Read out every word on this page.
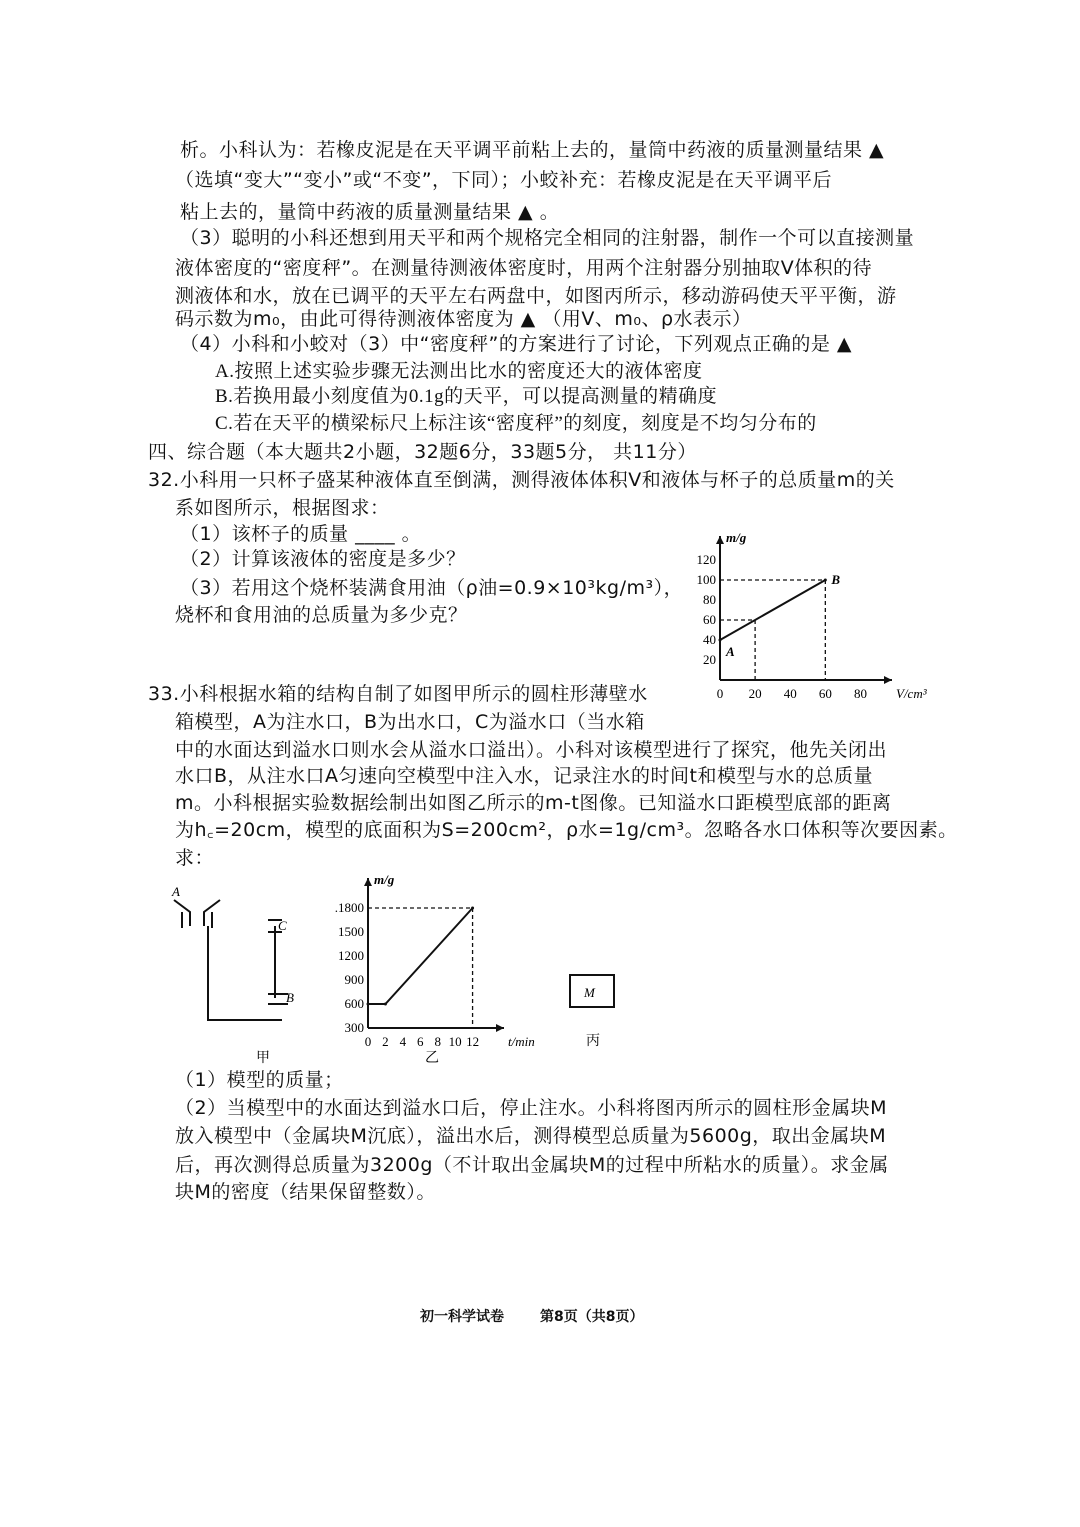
析。小科认为：若橡皮泥是在天平调平前粘上去的，量筒中药液的质量测量结果 ▲
（选填“变大”“变小”或“不变”，下同）；小蛟补充：若橡皮泥是在天平调平后
粘上去的，量筒中药液的质量测量结果 ▲ 。
（3）聪明的小科还想到用天平和两个规格完全相同的注射器，制作一个可以直接测量
液体密度的“密度秤”。在测量待测液体密度时，用两个注射器分别抽取V体积的待
测液体和水，放在已调平的天平左右两盘中，如图丙所示，移动游码使天平平衡，游
码示数为m₀，由此可得待测液体密度为 ▲ （用V、m₀、ρ水表示）
（4）小科和小蛟对（3）中“密度秤”的方案进行了讨论，下列观点正确的是 ▲
A.按照上述实验步骤无法测出比水的密度还大的液体密度
B.若换用最小刻度值为0.1g的天平，可以提高测量的精确度
C.若在天平的横梁标尺上标注该“密度秤”的刻度，刻度是不均匀分布的
四、综合题（本大题共2小题，32题6分，33题5分， 共11分）
32.小科用一只杯子盛某种液体直至倒满，测得液体体积V和液体与杯子的总质量m的关
系如图所示，根据图求：
（1）该杯子的质量 ____ 。
（2）计算该液体的密度是多少？
（3）若用这个烧杯装满食用油（ρ油=0.9×10³kg/m³），
烧杯和食用油的总质量为多少克？
V/cm³
m/g
0 20 40 60 80
20
40
60
80
100
120
A
B
33.小科根据水箱的结构自制了如图甲所示的圆柱形薄壁水
箱模型，A为注水口，B为出水口，C为溢水口（当水箱
中的水面达到溢水口则水会从溢水口溢出）。小科对该模型进行了探究，他先关闭出
水口B，从注水口A匀速向空模型中注入水，记录注水的时间t和模型与水的总质量
m。小科根据实验数据绘制出如图乙所示的m-t图像。已知溢水口距模型底部的距离
为h꜀=20cm，模型的底面积为S=200cm²，ρ水=1g/cm³。忽略各水口体积等次要因素。
求：
A
C
B
甲
t/min
m/g
0 2 4 6 8 10 12
300
600
900
1200
1500
.1800
乙
M
丙
（1）模型的质量；
（2）当模型中的水面达到溢水口后，停止注水。小科将图丙所示的圆柱形金属块M
放入模型中（金属块M沉底），溢出水后，测得模型总质量为5600g，取出金属块M
后，再次测得总质量为3200g（不计取出金属块M的过程中所粘水的质量）。求金属
块M的密度（结果保留整数）。
初一科学试卷	第8页（共8页）
